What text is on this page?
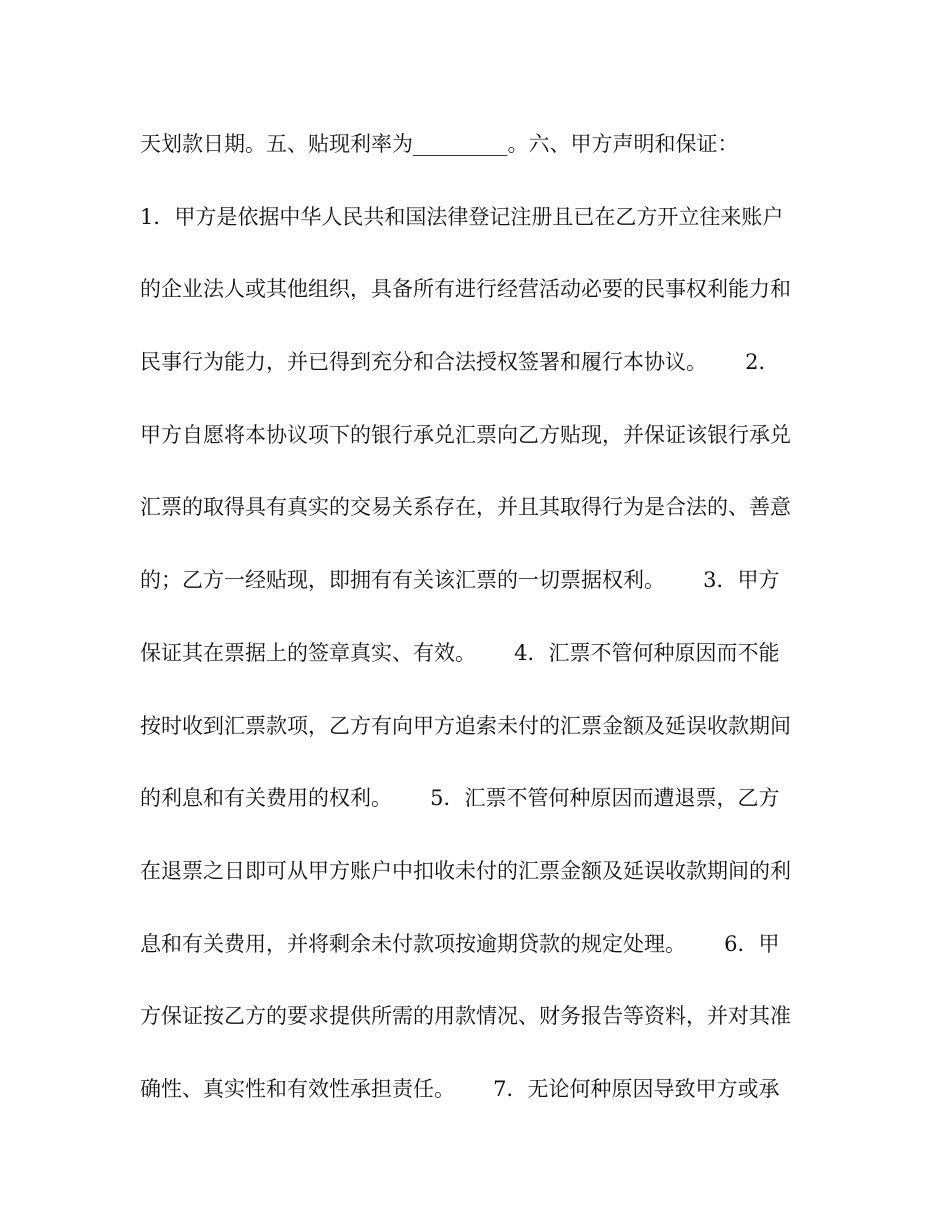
天划款日期。五、贴现利率为_________。六、甲方声明和保证：
1．甲方是依据中华人民共和国法律登记注册且已在乙方开立往来账户
的企业法人或其他组织，具备所有进行经营活动必要的民事权利能力和
民事行为能力，并已得到充分和合法授权签署和履行本协议。　　 2．
甲方自愿将本协议项下的银行承兑汇票向乙方贴现，并保证该银行承兑
汇票的取得具有真实的交易关系存在，并且其取得行为是合法的、善意
的；乙方一经贴现，即拥有有关该汇票的一切票据权利。　　 3．甲方
保证其在票据上的签章真实、有效。　　 4．汇票不管何种原因而不能
按时收到汇票款项，乙方有向甲方追索未付的汇票金额及延误收款期间
的利息和有关费用的权利。　　 5．汇票不管何种原因而遭退票，乙方
在退票之日即可从甲方账户中扣收未付的汇票金额及延误收款期间的利
息和有关费用，并将剩余未付款项按逾期贷款的规定处理。　　 6．甲
方保证按乙方的要求提供所需的用款情况、财务报告等资料，并对其准
确性、真实性和有效性承担责任。　　 7．无论何种原因导致甲方或承
